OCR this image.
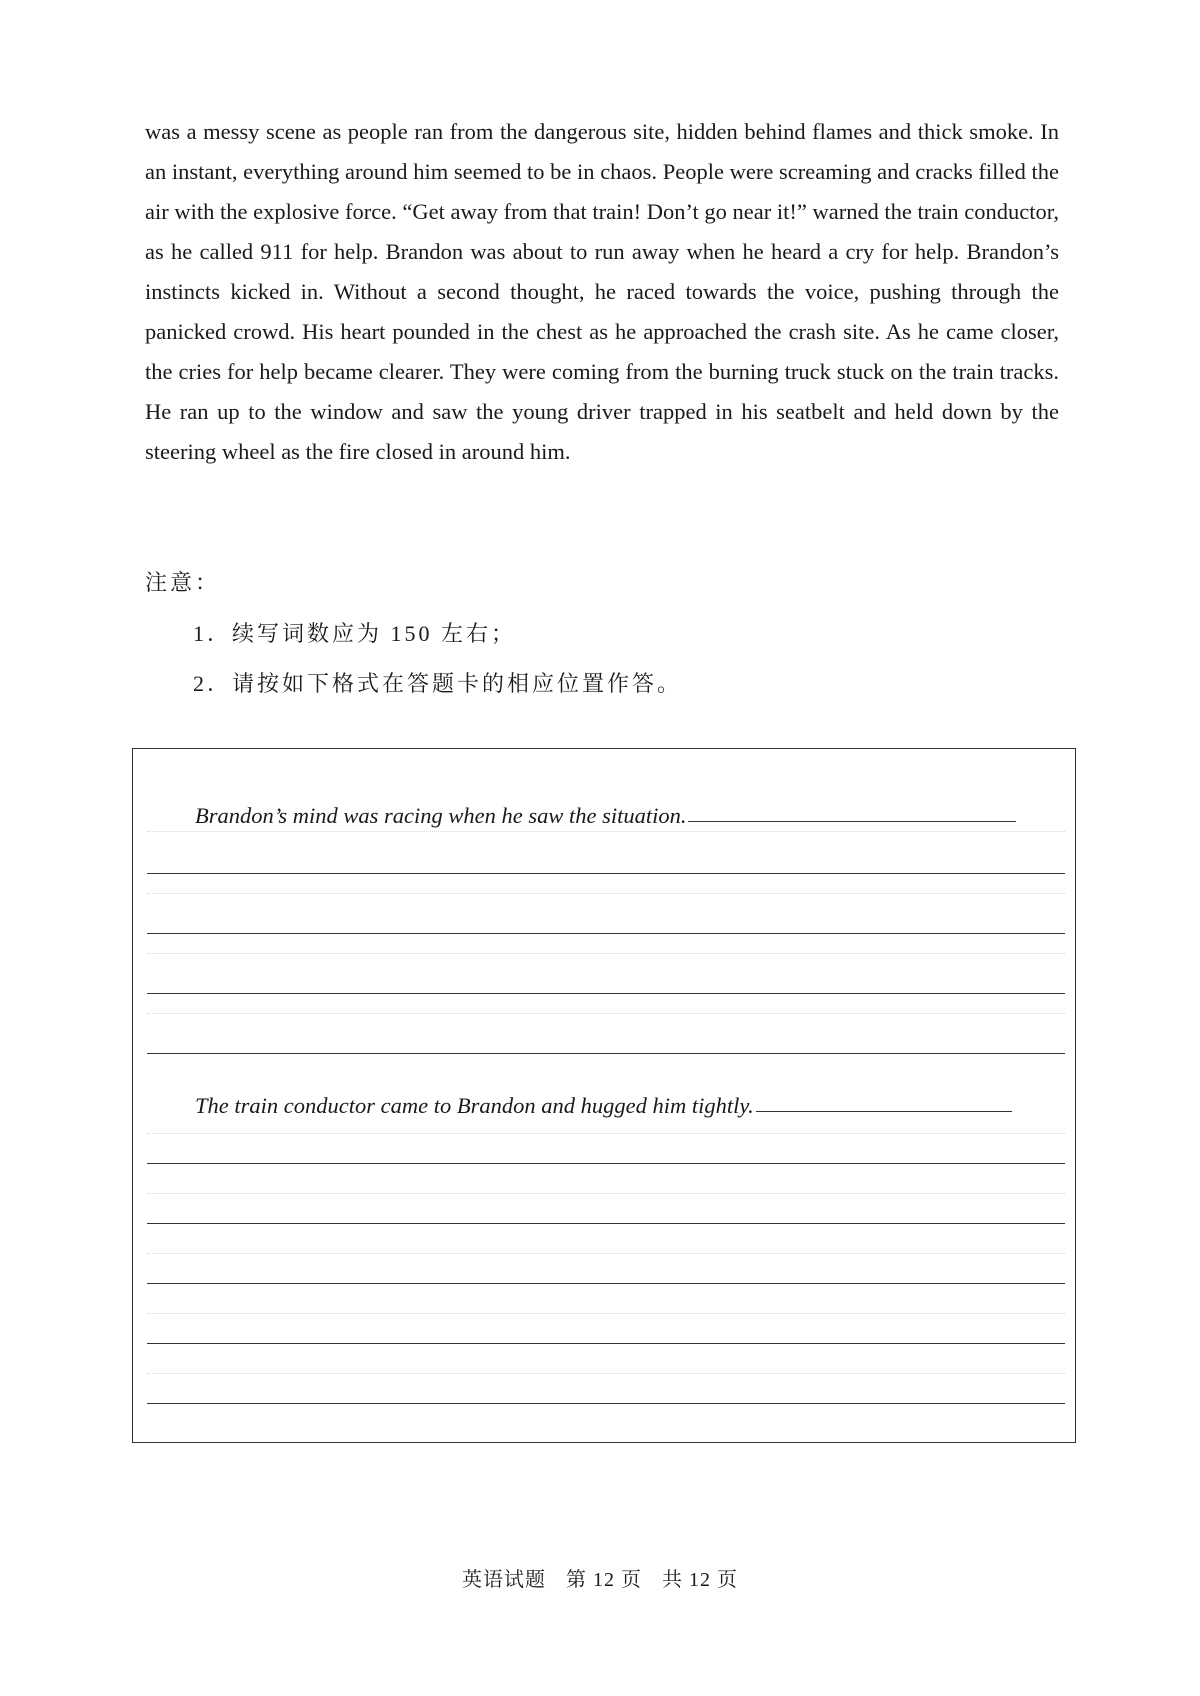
was a messy scene as people ran from the dangerous site, hidden behind flames and thick smoke. In an instant, everything around him seemed to be in chaos. People were screaming and cracks filled the air with the explosive force. “Get away from that train! Don’t go near it!” warned the train conductor, as he called 911 for help. Brandon was about to run away when he heard a cry for help. Brandon’s instincts kicked in. Without a second thought, he raced towards the voice, pushing through the panicked crowd. His heart pounded in the chest as he approached the crash site. As he came closer, the cries for help became clearer. They were coming from the burning truck stuck on the train tracks. He ran up to the window and saw the young driver trapped in his seatbelt and held down by the steering wheel as the fire closed in around him.
注意：
1．续写词数应为 150 左右；
2．请按如下格式在答题卡的相应位置作答。
Brandon’s mind was racing when he saw the situation.
The train conductor came to Brandon and hugged him tightly.
英语试题 第 12 页 共 12 页
